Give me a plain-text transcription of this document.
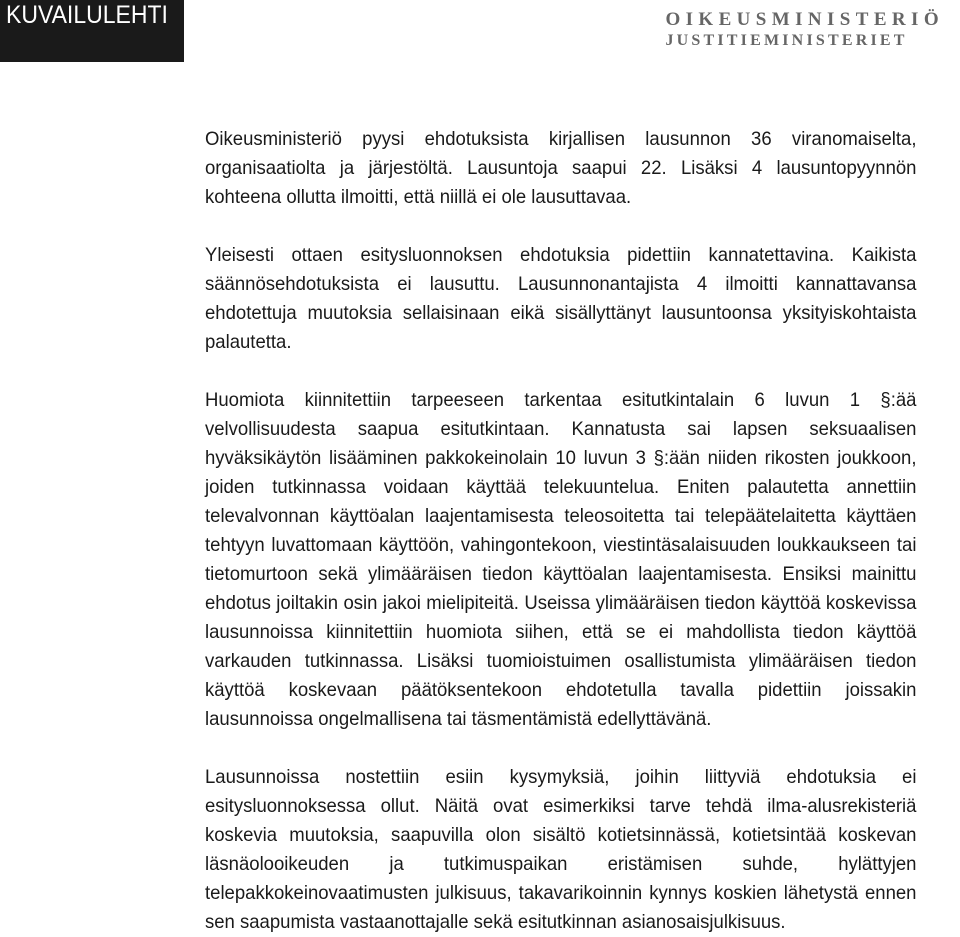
KUVAILULEHTI	OIKEUSMINISTERIÖ
JUSTITIEMINISTERIET

Oikeusministeriö pyysi ehdotuksista kirjallisen lausunnon 36 viranomaiselta, organisaatiolta ja järjestöltä. Lausuntoja saapui 22. Lisäksi 4 lausuntopyynnön kohteena ollutta ilmoitti, että niillä ei ole lausuttavaa.

Yleisesti ottaen esitysluonnoksen ehdotuksia pidettiin kannatettavina. Kaikista säännösehdotuksista ei lausuttu. Lausunnonantajista 4 ilmoitti kannattavansa ehdotettuja muutoksia sellaisinaan eikä sisällyttänyt lausuntoonsa yksityiskohtaista palautetta.

Huomiota kiinnitettiin tarpeeseen tarkentaa esitutkintalain 6 luvun 1 §:ää velvollisuudesta saapua esitutkintaan. Kannatusta sai lapsen seksuaalisen hyväksikäytön lisääminen pakkokeinolain 10 luvun 3 §:ään niiden rikosten joukkoon, joiden tutkinnassa voidaan käyttää telekuuntelua. Eniten palautetta annettiin televalvonnan käyttöalan laajentamisesta teleosoitetta tai telepäätelaitetta käyttäen tehtyyn luvattomaan käyttöön, vahingontekoon, viestintäsalaisuuden loukkaukseen tai tietomurtoon sekä ylimääräisen tiedon käyttöalan laajentamisesta. Ensiksi mainittu ehdotus joiltakin osin jakoi mielipiteitä. Useissa ylimääräisen tiedon käyttöä koskevissa lausunnoissa kiinnitettiin huomiota siihen, että se ei mahdollista tiedon käyttöä varkauden tutkinnassa. Lisäksi tuomioistuimen osallistumista ylimääräisen tiedon käyttöä koskevaan päätöksentekoon ehdotetulla tavalla pidettiin joissakin lausunnoissa ongelmallisena tai täsmentämistä edellyttävänä.

Lausunnoissa nostettiin esiin kysymyksiä, joihin liittyviä ehdotuksia ei esitysluonnoksessa ollut. Näitä ovat esimerkiksi tarve tehdä ilma-alusrekisteriä koskevia muutoksia, saapuvilla olon sisältö kotietsinnässä, kotietsintää koskevan läsnäolooikeuden ja tutkimuspaikan eristämisen suhde, hylättyjen telepakkokeinovaatimusten julkisuus, takavarikoinnin kynnys koskien lähetystä ennen sen saapumista vastaanottajalle sekä esitutkinnan asianosaisjulkisuus.
